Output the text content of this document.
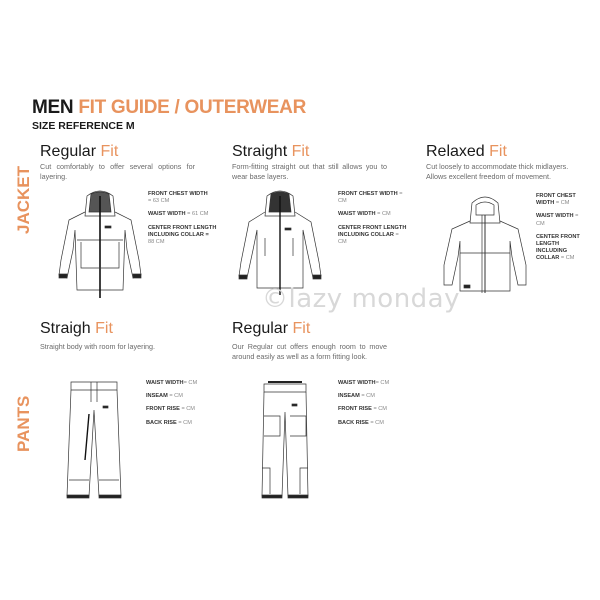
MEN FIT GUIDE / OUTERWEAR
SIZE REFERENCE M
JACKET
PANTS
Regular Fit
Cut comfortably to offer several options for layering.
FRONT CHEST WIDTH
= 63 CM
WAIST WIDTH = 61 CM
CENTER FRONT LENGTH INCLUDING COLLAR =
88 CM
Straight Fit
Form-fitting straight out that still allows you to wear base layers.
FRONT CHEST WIDTH = CM
WAIST WIDTH = CM
CENTER FRONT LENGTH INCLUDING COLLAR = CM
Relaxed Fit
Cut loosely to accommodate thick midlayers. Allows excellent freedom of movement.
FRONT CHEST WIDTH = CM
WAIST WIDTH = CM
CENTER FRONT LENGTH INCLUDING COLLAR = CM
©lazy monday
Straigh Fit
Straight body with room for layering.
WAIST WIDTH= CM
INSEAM = CM
FRONT RISE = CM
BACK RISE = CM
Regular Fit
Our Regular cut offers enough room to move around easily as well as a form fitting look.
WAIST WIDTH= CM
INSEAM = CM
FRONT RISE = CM
BACK RISE = CM
